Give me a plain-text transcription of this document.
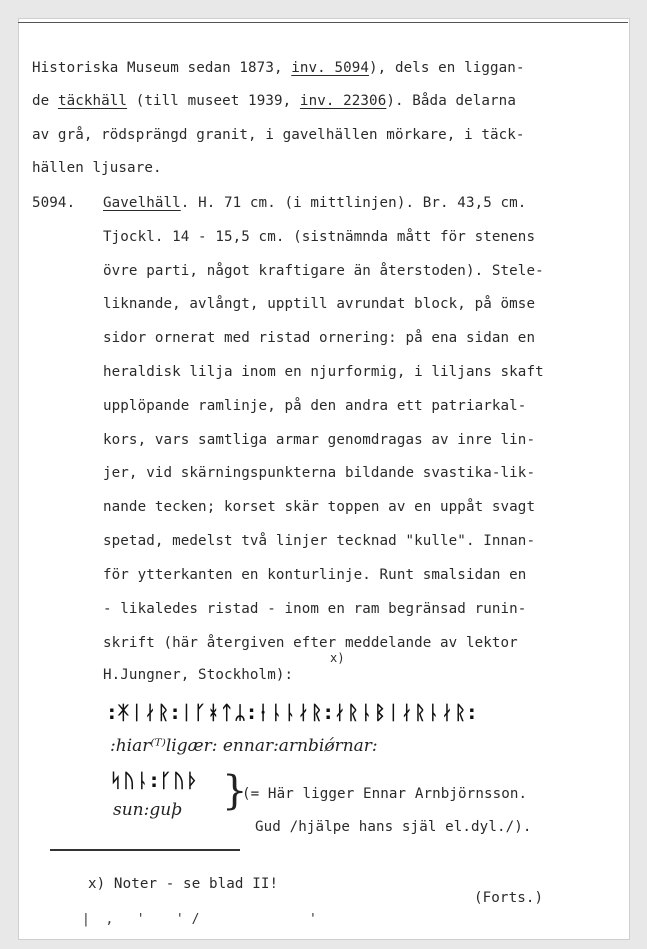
Historiska Museum sedan 1873, inv. 5094), dels en liggan-
de täckhäll (till museet 1939, inv. 22306). Båda delarna
av grå, rödsprängd granit, i gavelhällen mörkare, i täck-
hällen ljusare.
5094. Gavelhäll. H. 71 cm. (i mittlinjen). Br. 43,5 cm.
Tjockl. 14 - 15,5 cm. (sistnämnda mått för stenens
övre parti, något kraftigare än återstoden). Stele-
liknande, avlångt, upptill avrundat block, på ömse
sidor ornerat med ristad ornering: på ena sidan en
heraldisk lilja inom en njurformig, i liljans skaft
upplöpande ramlinje, på den andra ett patriarkal-
kors, vars samtliga armar genomdragas av inre lin-
jer, vid skärningspunkterna bildande svastika-lik-
nande tecken; korset skär toppen av en uppåt svagt
spetad, medelst två linjer tecknad "kulle". Innan-
för ytterkanten en konturlinje. Runt smalsidan en
- likaledes ristad - inom en ram begränsad runin-
skrift (här återgiven efter meddelande av lektor
x)
H.Jungner, Stockholm):
:ᛡᛁᛅᚱ:ᛁᚴᚼᛏᛦ:ᛂᚿᚿᛅᚱ:ᛅᚱᚿᛒᛁᛅᚱᚿᛅᚱ:
:hiar⁽ᵀ⁾ligær: ennar:arnbiǿrnar:
ᛋᚢᚿ:ᚴᚢᚦ
sun:guþ }
(= Här ligger Ennar Arnbjörnsson.
Gud /hjälpe hans själ el.dyl./).
x) Noter - se blad II!
(Forts.)
|  ,   '    ' /              '
